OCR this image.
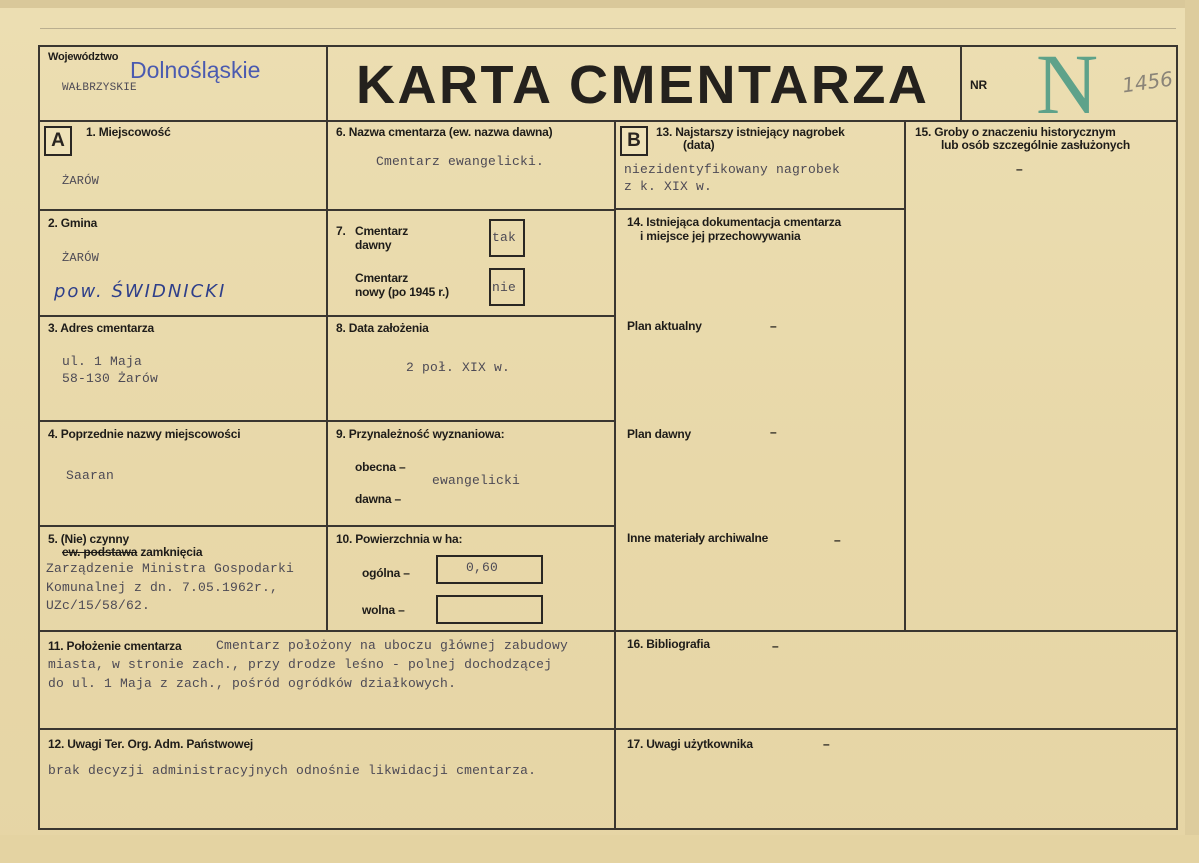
Województwo Dolnośląskie
WAŁBRZYSKIE	KARTA CMENTARZA	NR N 1456
A	B
1. Miejscowość
ŻARÓW
2. Gmina
ŻARÓW
pow. ŚWIDNICKI
3. Adres cmentarza
ul. 1 Maja
58-130 Żarów
4. Poprzednie nazwy miejscowości
Saaran
5. (Nie) czynny
ew. podstawa zamknięcia
Zarządzenie Ministra Gospodarki
Komunalnej z dn. 7.05.1962r.,
UZc/15/58/62.
6. Nazwa cmentarza (ew. nazwa dawna)
Cmentarz ewangelicki.
7. Cmentarz
dawny	tak
Cmentarz
nowy (po 1945 r.)	nie
8. Data założenia
2 poł. XIX w.
9. Przynależność wyznaniowa:
obecna –
ewangelicki
dawna –
10. Powierzchnia w ha:
ogólna –	0,60
wolna –
11. Położenie cmentarza	Cmentarz położony na uboczu głównej zabudowy
miasta, w stronie zach., przy drodze leśno - polnej dochodzącej
do ul. 1 Maja z zach., pośród ogródków działkowych.
12. Uwagi Ter. Org. Adm. Państwowej
brak decyzji administracyjnych odnośnie likwidacji cmentarza.
13. Najstarszy istniejący nagrobek
(data)
niezidentyfikowany nagrobek
z k. XIX w.
14. Istniejąca dokumentacja cmentarza
i miejsce jej przechowywania
Plan aktualny	–
Plan dawny	–
Inne materiały archiwalne	–
15. Groby o znaczeniu historycznym
lub osób szczególnie zasłużonych
–
16. Bibliografia	–
17. Uwagi użytkownika	–
